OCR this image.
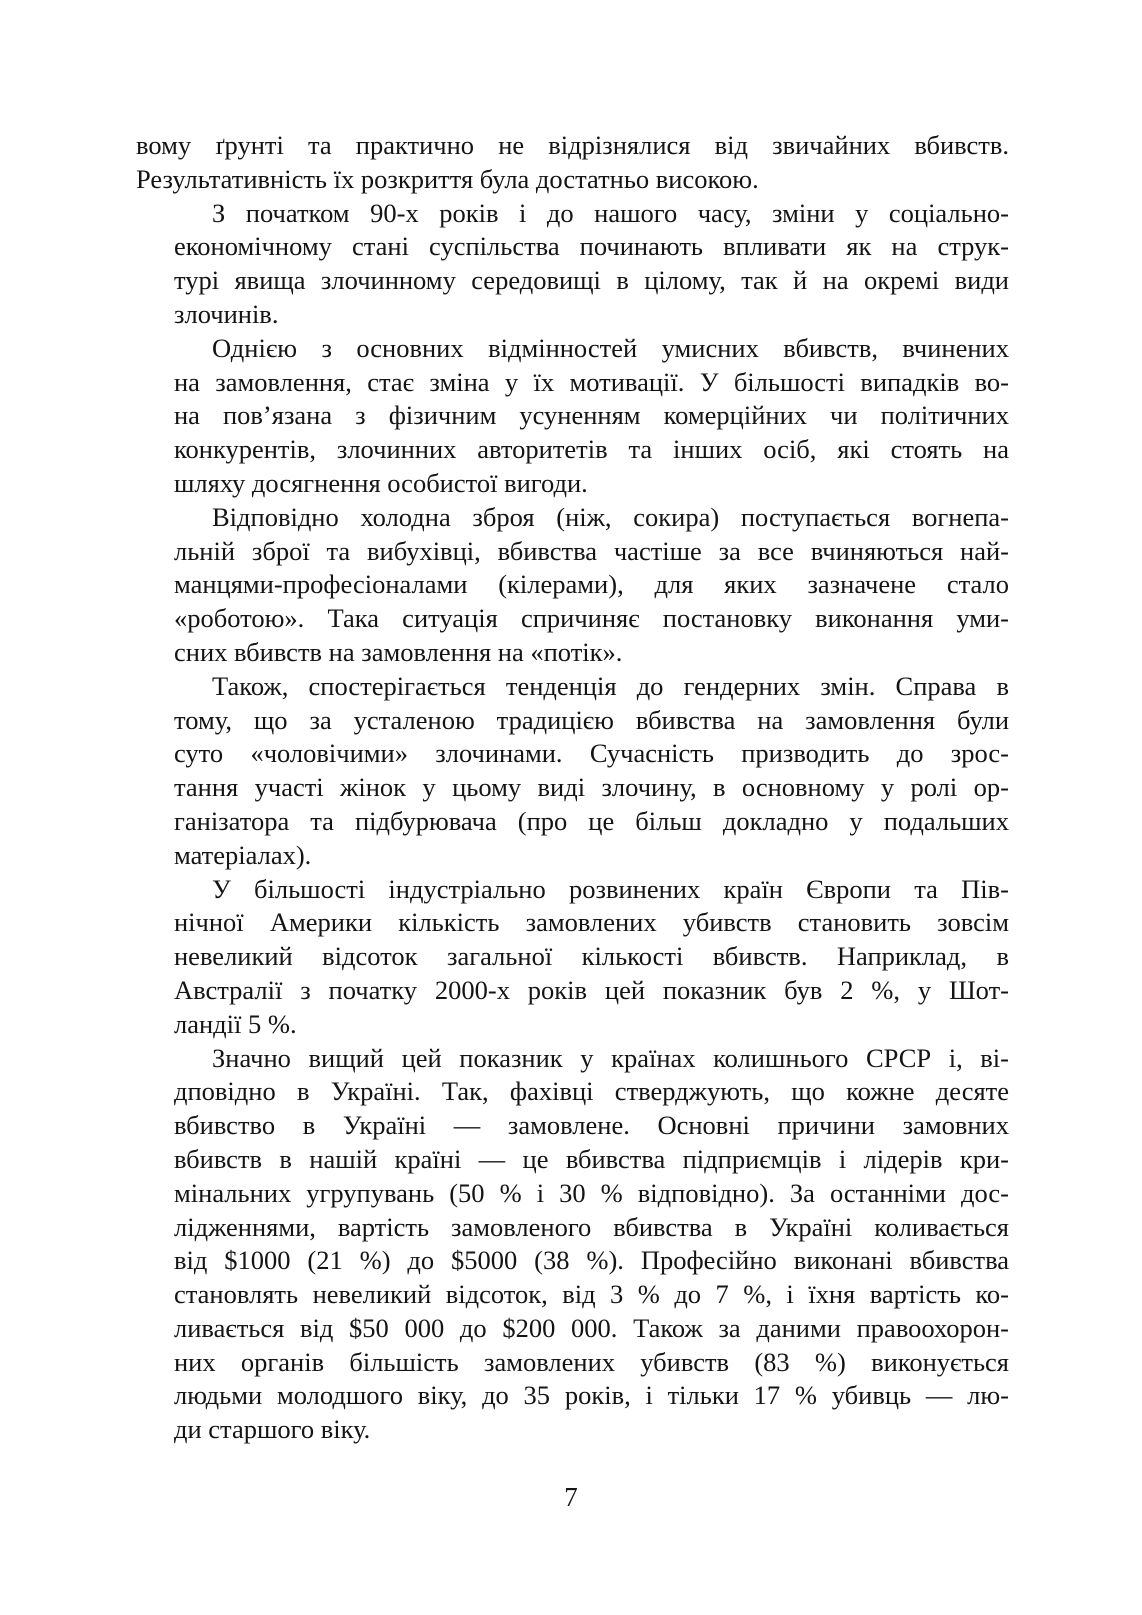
вому ґрунті та практично не відрізнялися від звичайних вбивств.
Результативність їх розкриття була достатньо високою.

З початком 90-х років і до нашого часу, зміни у соціально-
економічному стані суспільства починають впливати як на струк-
турі явища злочинному середовищі в цілому, так й на окремі види
злочинів.

Однією з основних відмінностей умисних вбивств, вчинених
на замовлення, стає зміна у їх мотивації. У більшості випадків во-
на пов’язана з фізичним усуненням комерційних чи політичних
конкурентів, злочинних авторитетів та інших осіб, які стоять на
шляху досягнення особистої вигоди.

Відповідно холодна зброя (ніж, сокира) поступається вогнепа-
льній зброї та вибухівці, вбивства частіше за все вчиняються най-
манцями-професіоналами (кілерами), для яких зазначене стало
«роботою». Така ситуація спричиняє постановку виконання уми-
сних вбивств на замовлення на «потік».

Також, спостерігається тенденція до гендерних змін. Справа в
тому, що за усталеною традицією вбивства на замовлення були
суто «чоловічими» злочинами. Сучасність призводить до зрос-
тання участі жінок у цьому виді злочину, в основному у ролі ор-
ганізатора та підбурювача (про це більш докладно у подальших
матеріалах).

У більшості індустріально розвинених країн Європи та Пів-
нічної Америки кількість замовлених убивств становить зовсім
невеликий відсоток загальної кількості вбивств. Наприклад, в
Австралії з початку 2000-х років цей показник був 2 %, у Шот-
ландії 5 %.

Значно вищий цей показник у країнах колишнього СРСР і, ві-
дповідно в Україні. Так, фахівці стверджують, що кожне десяте
вбивство в Україні — замовлене. Основні причини замовних
вбивств в нашій країні — це вбивства підприємців і лідерів кри-
мінальних угрупувань (50 % і 30 % відповідно). За останніми дос-
лідженнями, вартість замовленого вбивства в Україні коливається
від $1000 (21 %) до $5000 (38 %). Професійно виконані вбивства
становлять невеликий відсоток, від 3 % до 7 %, і їхня вартість ко-
ливається від $50 000 до $200 000. Також за даними правоохорон-
них органів більшість замовлених убивств (83 %) виконується
людьми молодшого віку, до 35 років, і тільки 17 % убивць — лю-
ди старшого віку.

7
